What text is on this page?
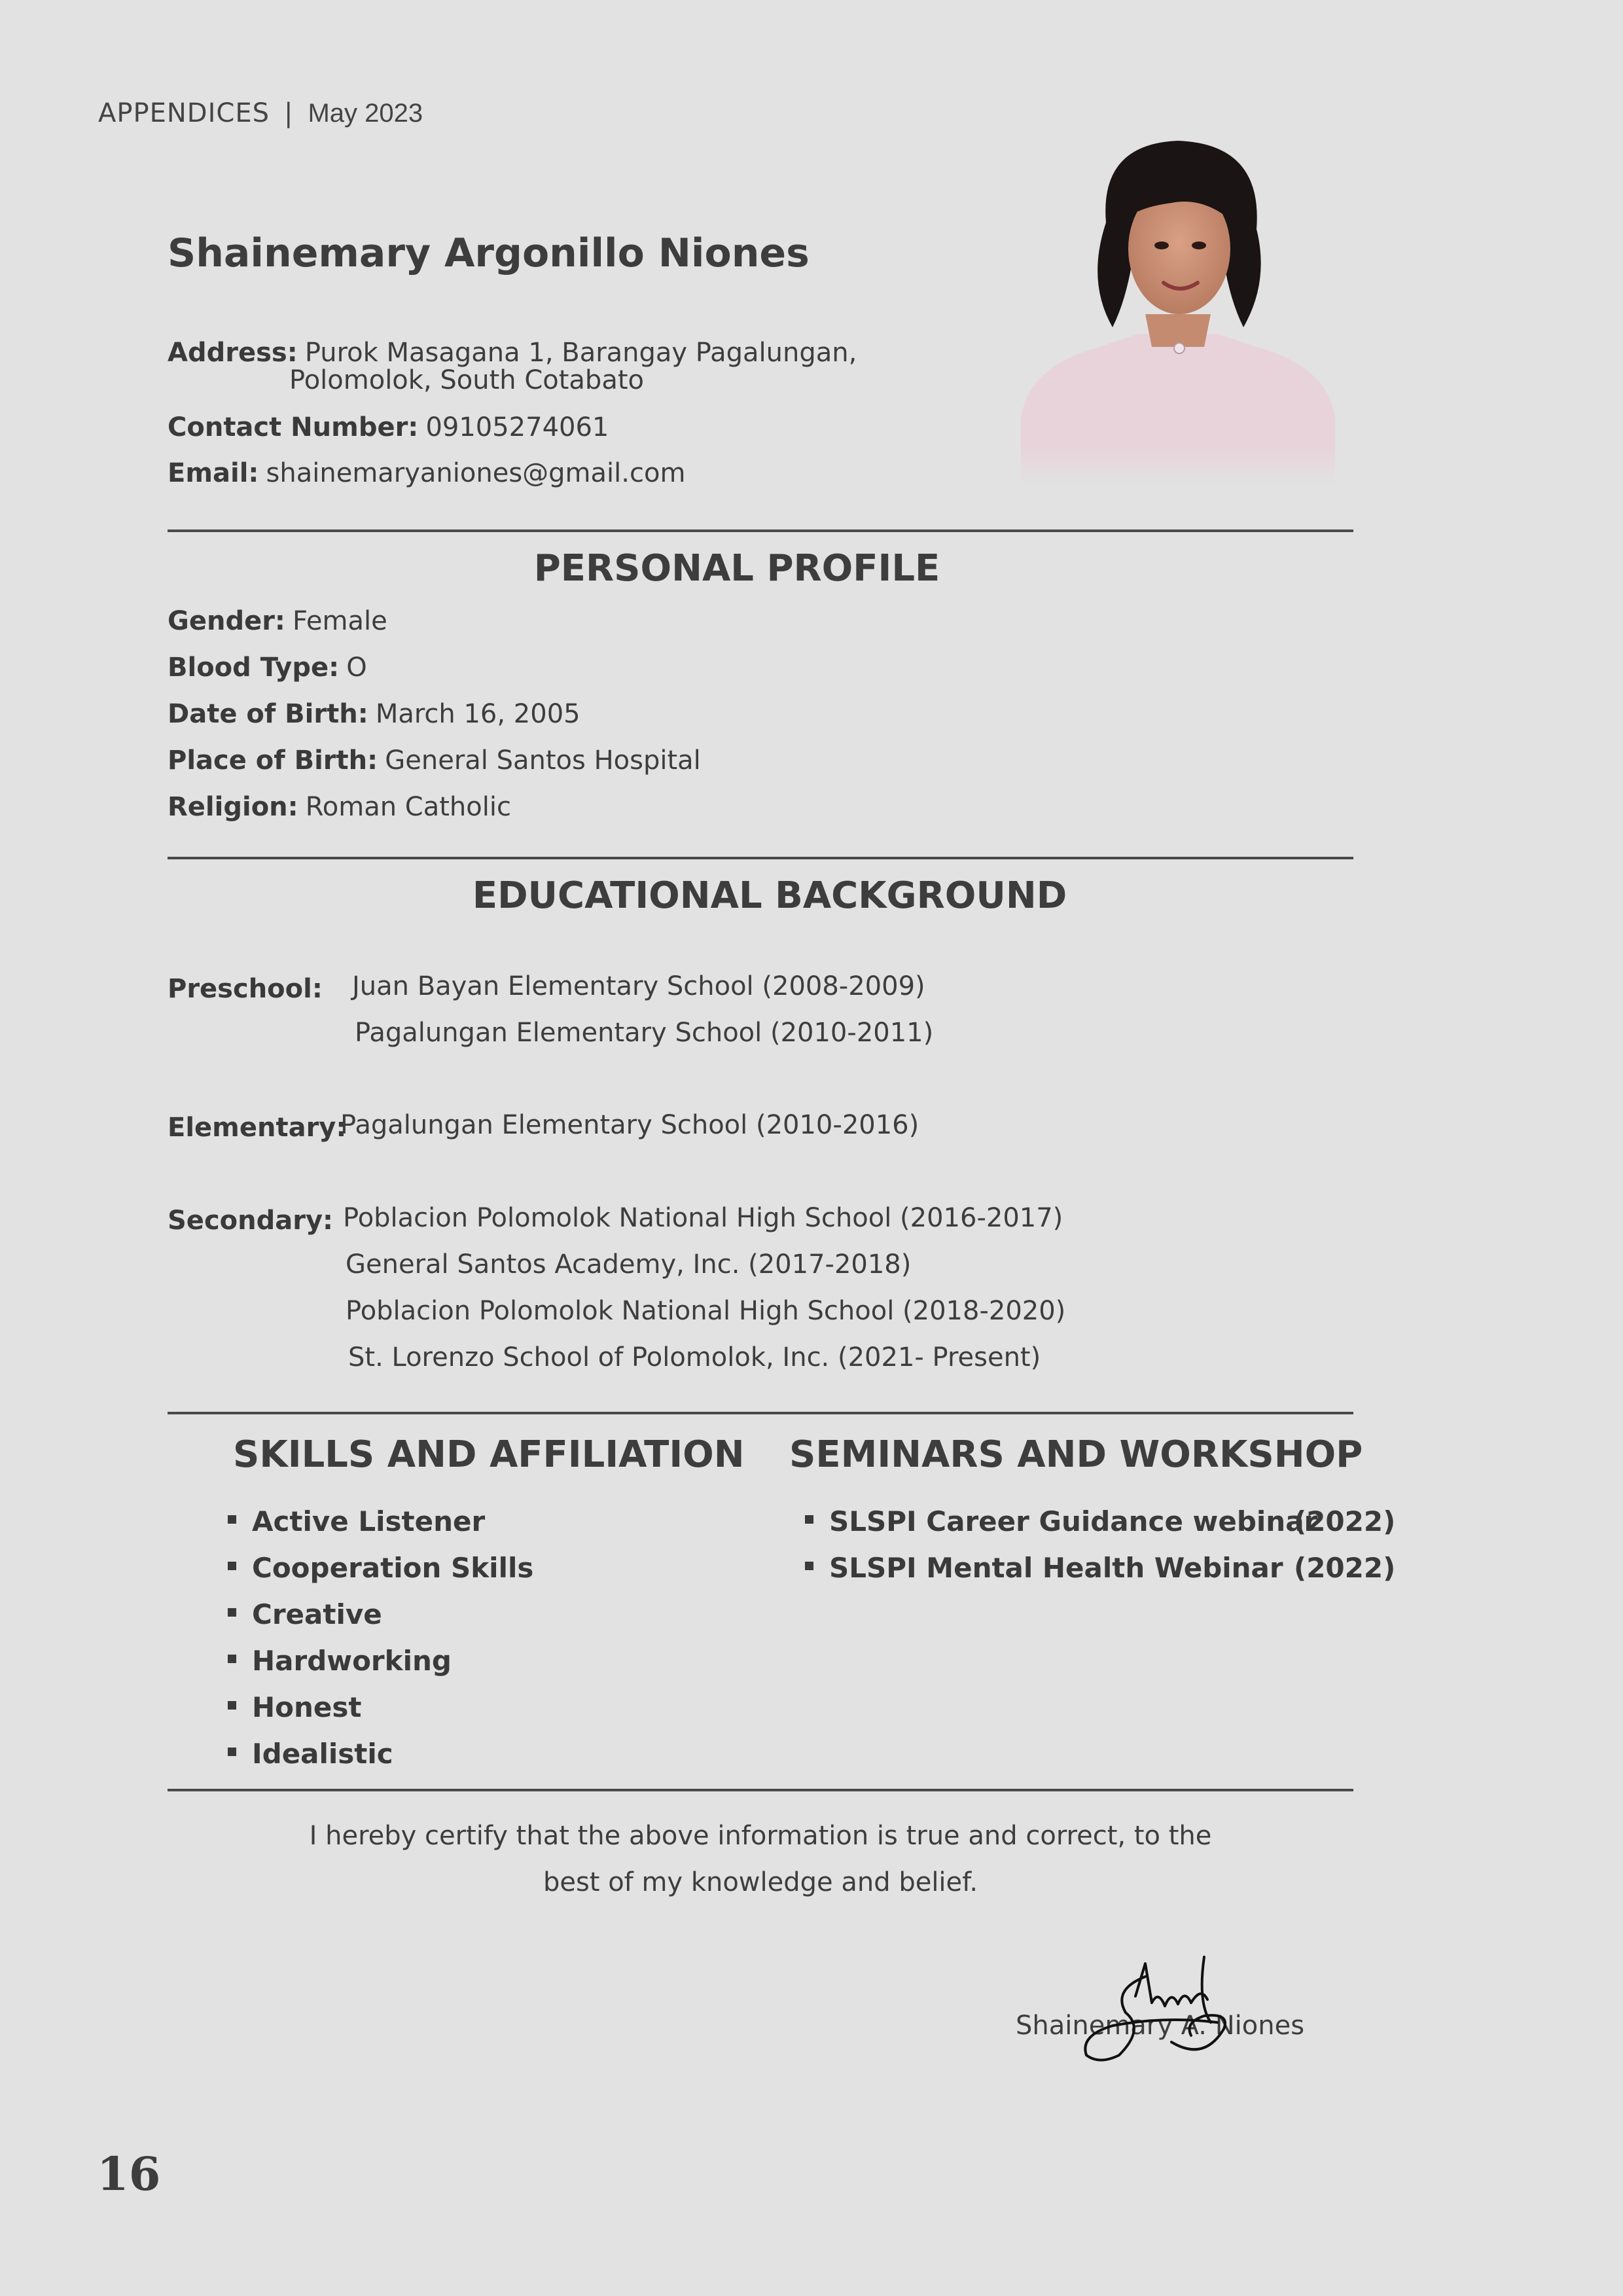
APPENDICES | May 2023
Shainemary Argonillo Niones
Address: Purok Masagana 1, Barangay Pagalungan,
Polomolok, South Cotabato
Contact Number: 09105274061
Email: shainemaryaniones@gmail.com
PERSONAL PROFILE
Gender: Female
Blood Type: O
Date of Birth: March 16, 2005
Place of Birth: General Santos Hospital
Religion: Roman Catholic
EDUCATIONAL BACKGROUND
Preschool: Juan Bayan Elementary School (2008-2009)
Pagalungan Elementary School (2010-2011)
Elementary:
Pagalungan Elementary School (2010-2016)
Secondary: Poblacion Polomolok National High School (2016-2017)
General Santos Academy, Inc. (2017-2018)
Poblacion Polomolok National High School (2018-2020)
St. Lorenzo School of Polomolok, Inc. (2021- Present)
SKILLS AND AFFILIATION
Active Listener
Cooperation Skills
Creative
Hardworking
Honest
Idealistic
SEMINARS AND WORKSHOP
SLSPI Career Guidance webinar(2022)
SLSPI Mental Health Webinar (2022)
I hereby certify that the above information is true and correct, to the
best of my knowledge and belief.
Shainemary A. Niones
16
